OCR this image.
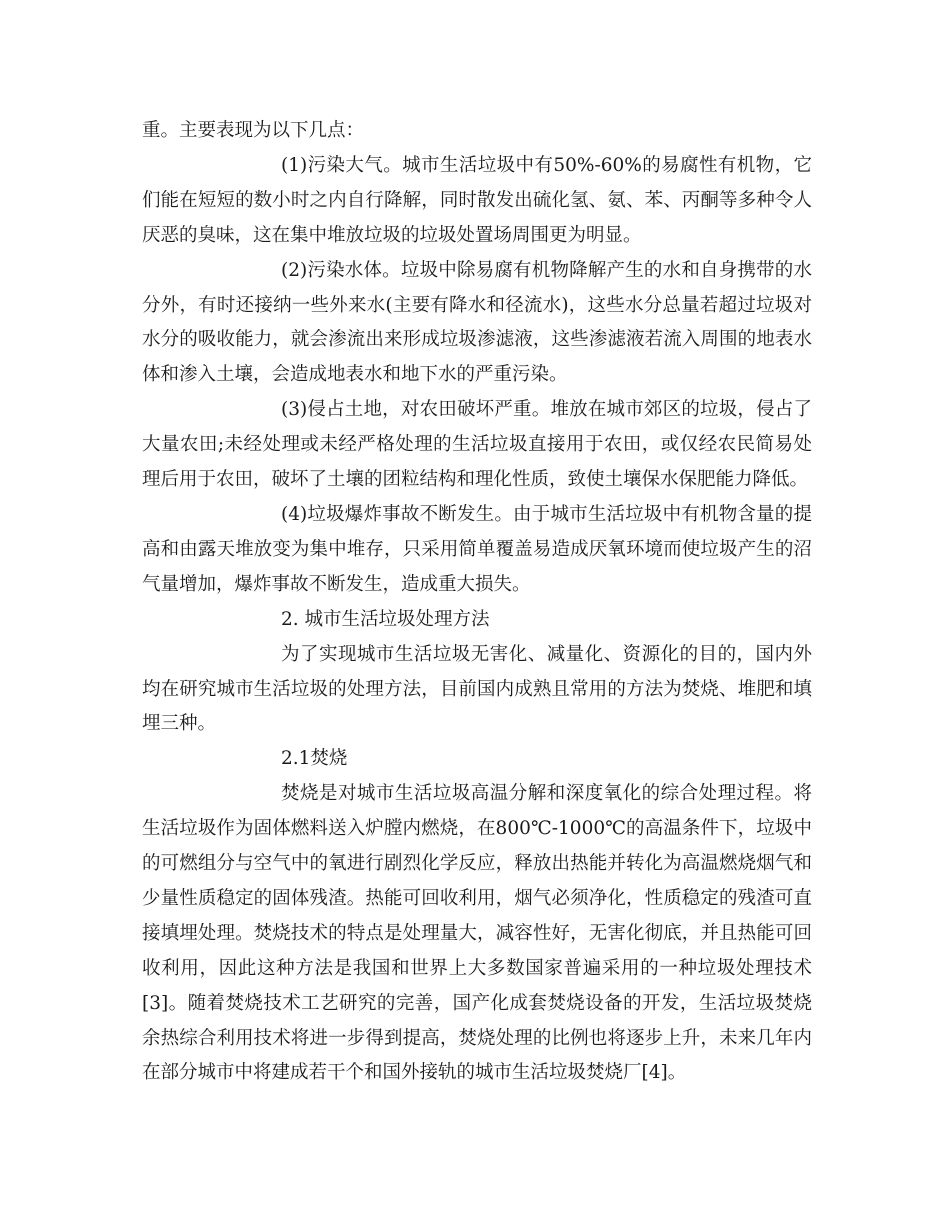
重。主要表现为以下几点：

(1)污染大气。城市生活垃圾中有50%-60%的易腐性有机物，它们能在短短的数小时之内自行降解，同时散发出硫化氢、氨、苯、丙酮等多种令人厌恶的臭味，这在集中堆放垃圾的垃圾处置场周围更为明显。

(2)污染水体。垃圾中除易腐有机物降解产生的水和自身携带的水分外，有时还接纳一些外来水(主要有降水和径流水)，这些水分总量若超过垃圾对水分的吸收能力，就会渗流出来形成垃圾渗滤液，这些渗滤液若流入周围的地表水体和渗入土壤，会造成地表水和地下水的严重污染。

(3)侵占土地，对农田破坏严重。堆放在城市郊区的垃圾，侵占了大量农田;未经处理或未经严格处理的生活垃圾直接用于农田，或仅经农民简易处理后用于农田，破坏了土壤的团粒结构和理化性质，致使土壤保水保肥能力降低。

(4)垃圾爆炸事故不断发生。由于城市生活垃圾中有机物含量的提高和由露天堆放变为集中堆存，只采用简单覆盖易造成厌氧环境而使垃圾产生的沼气量增加，爆炸事故不断发生，造成重大损失。

2. 城市生活垃圾处理方法

为了实现城市生活垃圾无害化、减量化、资源化的目的，国内外均在研究城市生活垃圾的处理方法，目前国内成熟且常用的方法为焚烧、堆肥和填埋三种。

2.1焚烧

焚烧是对城市生活垃圾高温分解和深度氧化的综合处理过程。将生活垃圾作为固体燃料送入炉膛内燃烧，在800℃-1000℃的高温条件下，垃圾中的可燃组分与空气中的氧进行剧烈化学反应，释放出热能并转化为高温燃烧烟气和少量性质稳定的固体残渣。热能可回收利用，烟气必须净化，性质稳定的残渣可直接填埋处理。焚烧技术的特点是处理量大，减容性好，无害化彻底，并且热能可回收利用，因此这种方法是我国和世界上大多数国家普遍采用的一种垃圾处理技术[3]。随着焚烧技术工艺研究的完善，国产化成套焚烧设备的开发，生活垃圾焚烧余热综合利用技术将进一步得到提高，焚烧处理的比例也将逐步上升，未来几年内在部分城市中将建成若干个和国外接轨的城市生活垃圾焚烧厂[4]。
